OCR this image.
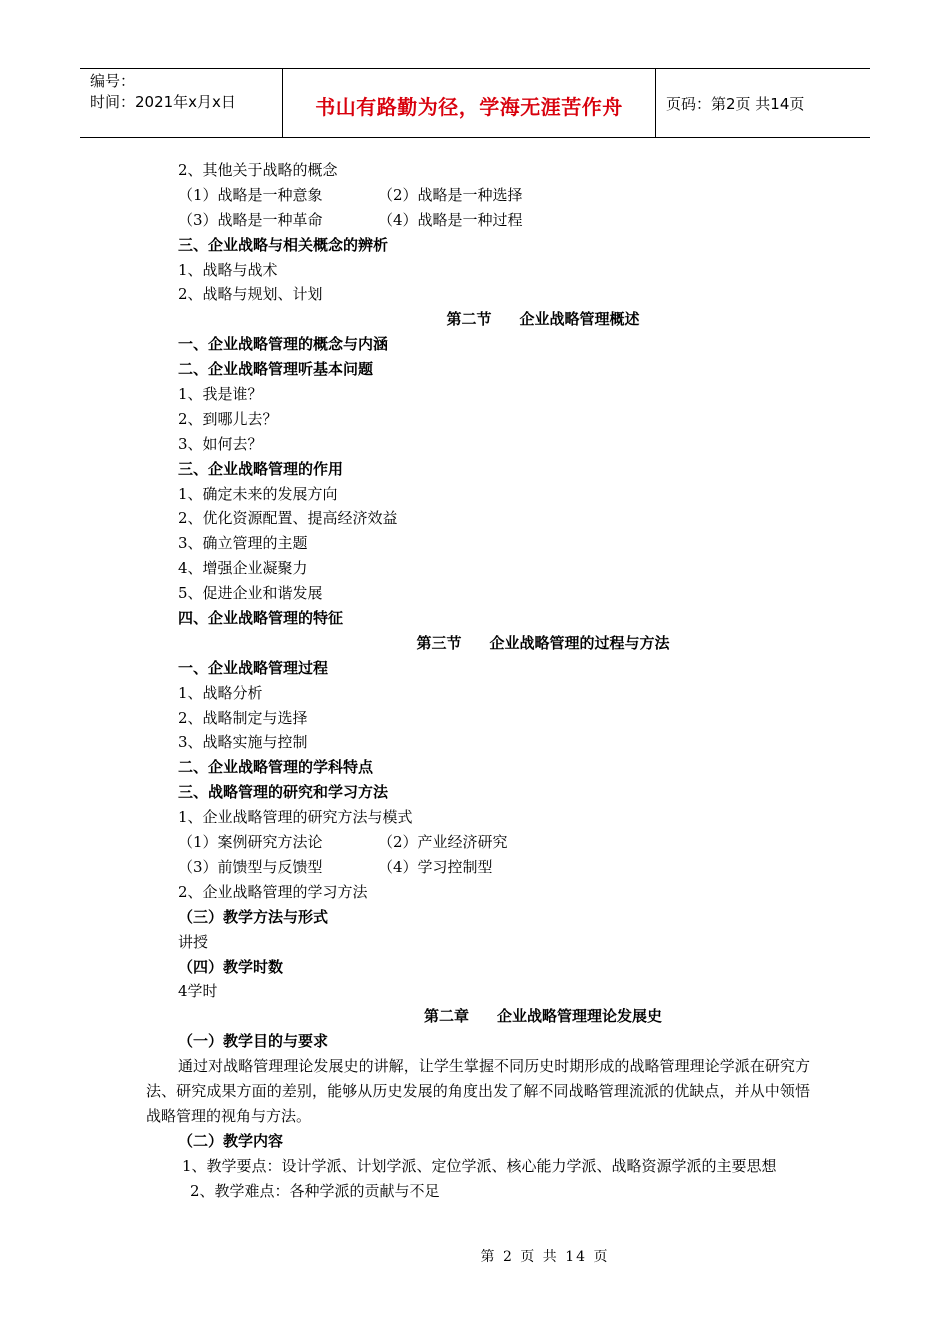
编号：
时间：2021年x月x日	书山有路勤为径，学海无涯苦作舟	页码：第2页 共14页
2、其他关于战略的概念
（1）战略是一种意象	（2）战略是一种选择
（3）战略是一种革命	（4）战略是一种过程
三、企业战略与相关概念的辨析
1、战略与战术
2、战略与规划、计划
第二节 企业战略管理概述
一、企业战略管理的概念与内涵
二、企业战略管理听基本问题
1、我是谁？
2、到哪儿去？
3、如何去？
三、企业战略管理的作用
1、确定未来的发展方向
2、优化资源配置、提高经济效益
3、确立管理的主题
4、增强企业凝聚力
5、促进企业和谐发展
四、企业战略管理的特征
第三节 企业战略管理的过程与方法
一、企业战略管理过程
1、战略分析
2、战略制定与选择
3、战略实施与控制
二、企业战略管理的学科特点
三、战略管理的研究和学习方法
1、企业战略管理的研究方法与模式
（1）案例研究方法论	（2）产业经济研究
（3）前馈型与反馈型	（4）学习控制型
2、企业战略管理的学习方法
（三）教学方法与形式
讲授
（四）教学时数
4学时
第二章 企业战略管理理论发展史
（一）教学目的与要求
通过对战略管理理论发展史的讲解，让学生掌握不同历史时期形成的战略管理理论学派在研究方法、研究成果方面的差别，能够从历史发展的角度出发了解不同战略管理流派的优缺点，并从中领悟战略管理的视角与方法。
（二）教学内容
1、教学要点：设计学派、计划学派、定位学派、核心能力学派、战略资源学派的主要思想
2、教学难点：各种学派的贡献与不足
第 2 页 共 14 页
